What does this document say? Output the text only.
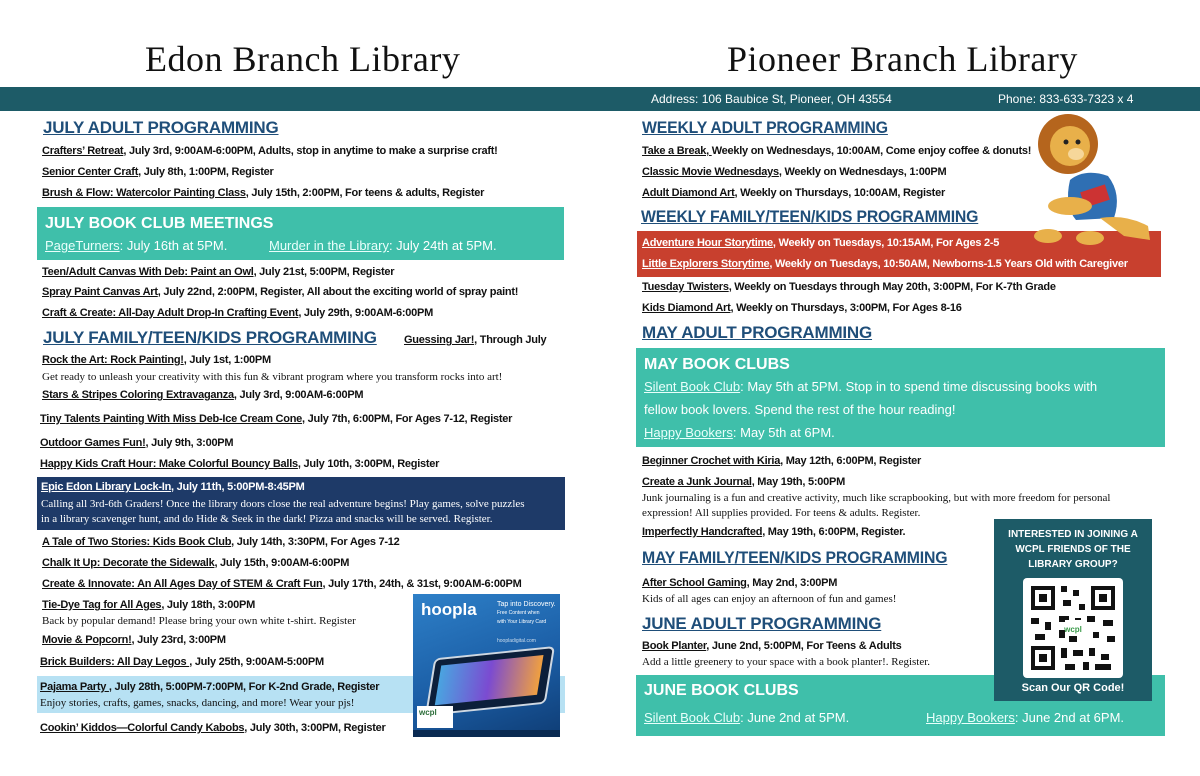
Edon Branch Library	Pioneer Branch Library
Address: 106 Baubice St, Pioneer, OH 43554	Phone: 833-633-7323 x 4
JULY ADULT PROGRAMMING
Crafters’ Retreat, July 3rd, 9:00AM-6:00PM, Adults, stop in anytime to make a surprise craft!
Senior Center Craft, July 8th, 1:00PM, Register
Brush & Flow: Watercolor Painting Class, July 15th, 2:00PM, For teens & adults, Register
JULY BOOK CLUB MEETINGS
PageTurners: July 16th at 5PM.	Murder in the Library: July 24th at 5PM.
Teen/Adult Canvas With Deb: Paint an Owl, July 21st, 5:00PM, Register
Spray Paint Canvas Art, July 22nd, 2:00PM, Register, All about the exciting world of spray paint!
Craft & Create: All-Day Adult Drop-In Crafting Event, July 29th, 9:00AM-6:00PM
JULY FAMILY/TEEN/KIDS PROGRAMMING Guessing Jar!, Through July
Rock the Art: Rock Painting!, July 1st, 1:00PM
Get ready to unleash your creativity with this fun & vibrant program where you transform rocks into art!
Stars & Stripes Coloring Extravaganza, July 3rd, 9:00AM-6:00PM
Tiny Talents Painting With Miss Deb-Ice Cream Cone, July 7th, 6:00PM, For Ages 7-12, Register
Outdoor Games Fun!, July 9th, 3:00PM
Happy Kids Craft Hour: Make Colorful Bouncy Balls, July 10th, 3:00PM, Register
Epic Edon Library Lock-In, July 11th, 5:00PM-8:45PM
Calling all 3rd-6th Graders! Once the library doors close the real adventure begins! Play games, solve puzzles
in a library scavenger hunt, and do Hide & Seek in the dark! Pizza and snacks will be served. Register.
A Tale of Two Stories: Kids Book Club, July 14th, 3:30PM, For Ages 7-12
Chalk It Up: Decorate the Sidewalk, July 15th, 9:00AM-6:00PM
Create & Innovate: An All Ages Day of STEM & Craft Fun, July 17th, 24th, & 31st, 9:00AM-6:00PM
Tie-Dye Tag for All Ages, July 18th, 3:00PM
Back by popular demand! Please bring your own white t-shirt. Register
Movie & Popcorn!, July 23rd, 3:00PM
Brick Builders: All Day Legos , July 25th, 9:00AM-5:00PM
Pajama Party , July 28th, 5:00PM-7:00PM, For K-2nd Grade, Register
Enjoy stories, crafts, games, snacks, dancing, and more! Wear your pjs!
Cookin’ Kiddos—Colorful Candy Kabobs, July 30th, 3:00PM, Register
hoopla	Tap into Discovery.
Free Content when
with Your Library Card
hoopladigital.com
wcpl
WEEKLY ADULT PROGRAMMING
Take a Break, Weekly on Wednesdays, 10:00AM, Come enjoy coffee & donuts!
Classic Movie Wednesdays, Weekly on Wednesdays, 1:00PM
Adult Diamond Art, Weekly on Thursdays, 10:00AM, Register
WEEKLY FAMILY/TEEN/KIDS PROGRAMMING
Adventure Hour Storytime, Weekly on Tuesdays, 10:15AM, For Ages 2-5
Little Explorers Storytime, Weekly on Tuesdays, 10:50AM, Newborns-1.5 Years Old with Caregiver
Tuesday Twisters, Weekly on Tuesdays through May 20th, 3:00PM, For K-7th Grade
Kids Diamond Art, Weekly on Thursdays, 3:00PM, For Ages 8-16
MAY ADULT PROGRAMMING
MAY BOOK CLUBS
Silent Book Club: May 5th at 5PM. Stop in to spend time discussing books with
fellow book lovers. Spend the rest of the hour reading!
Happy Bookers: May 5th at 6PM.
Beginner Crochet with Kiria, May 12th, 6:00PM, Register
Create a Junk Journal, May 19th, 5:00PM
Junk journaling is a fun and creative activity, much like scrapbooking, but with more freedom for personal
expression! All supplies provided. For teens & adults. Register.
Imperfectly Handcrafted, May 19th, 6:00PM, Register.
MAY FAMILY/TEEN/KIDS PROGRAMMING
After School Gaming, May 2nd, 3:00PM
Kids of all ages can enjoy an afternoon of fun and games!
JUNE ADULT PROGRAMMING
Book Planter, June 2nd, 5:00PM, For Teens & Adults
Add a little greenery to your space with a book planter!. Register.
JUNE BOOK CLUBS
Silent Book Club: June 2nd at 5PM.	Happy Bookers: June 2nd at 6PM.
INTERESTED IN JOINING A
WCPL FRIENDS OF THE
LIBRARY GROUP?
wcpl
Scan Our QR Code!
